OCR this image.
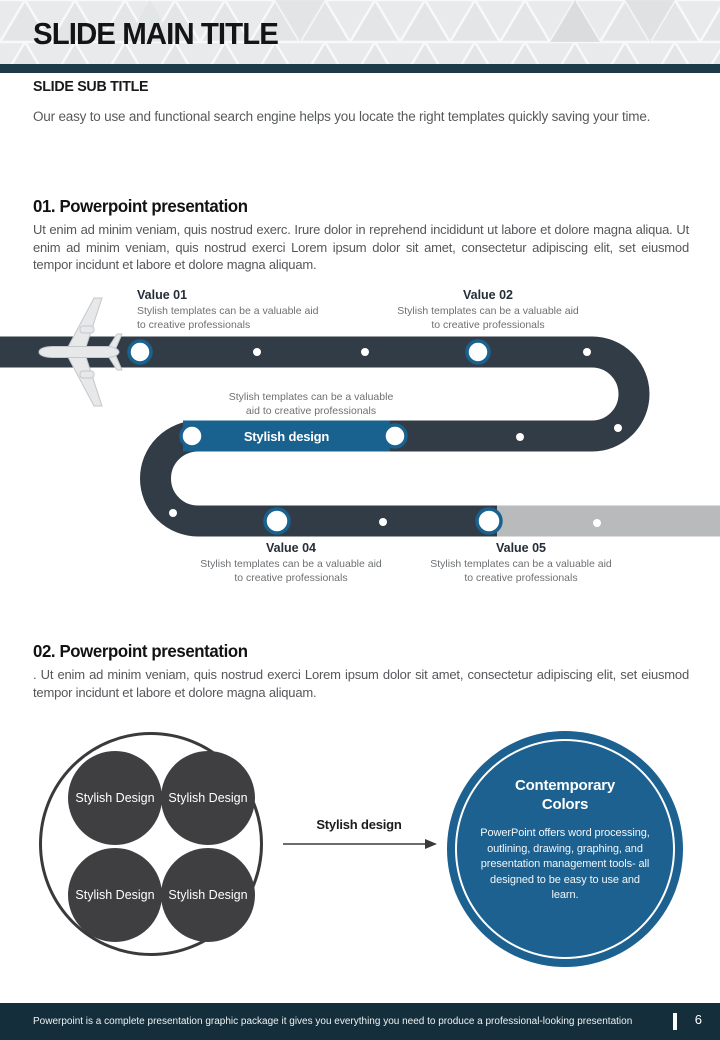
SLIDE MAIN TITLE
SLIDE SUB TITLE
Our easy to use and functional search engine helps you locate the right templates quickly saving your time.
01. Powerpoint presentation
Ut enim ad minim veniam, quis nostrud exerc. Irure dolor in reprehend incididunt ut labore et dolore magna aliqua. Ut enim ad minim veniam, quis nostrud exerci Lorem ipsum dolor sit amet, consectetur adipiscing elit, set eiusmod tempor incidunt et labore et dolore magna aliquam.
Value 01
Stylish templates can be a valuable aid to creative professionals
Value 02
Stylish templates can be a valuable aid to creative professionals
Stylish templates can be a valuable aid to creative professionals
Stylish design
Value 04
Stylish templates can be a valuable aid to creative professionals
Value 05
Stylish templates can be a valuable aid to creative professionals
02. Powerpoint presentation
. Ut enim ad minim veniam, quis nostrud exerci Lorem ipsum dolor sit amet, consectetur adipiscing elit, set eiusmod tempor incidunt et labore et dolore magna aliquam.
Stylish Design Stylish Design
Stylish Design Stylish Design
Stylish design
Contemporary Colors
PowerPoint offers word processing, outlining, drawing, graphing, and presentation management tools- all designed to be easy to use and learn.
Powerpoint is a complete presentation graphic package it gives you everything you need to produce a professional-looking presentation	6
